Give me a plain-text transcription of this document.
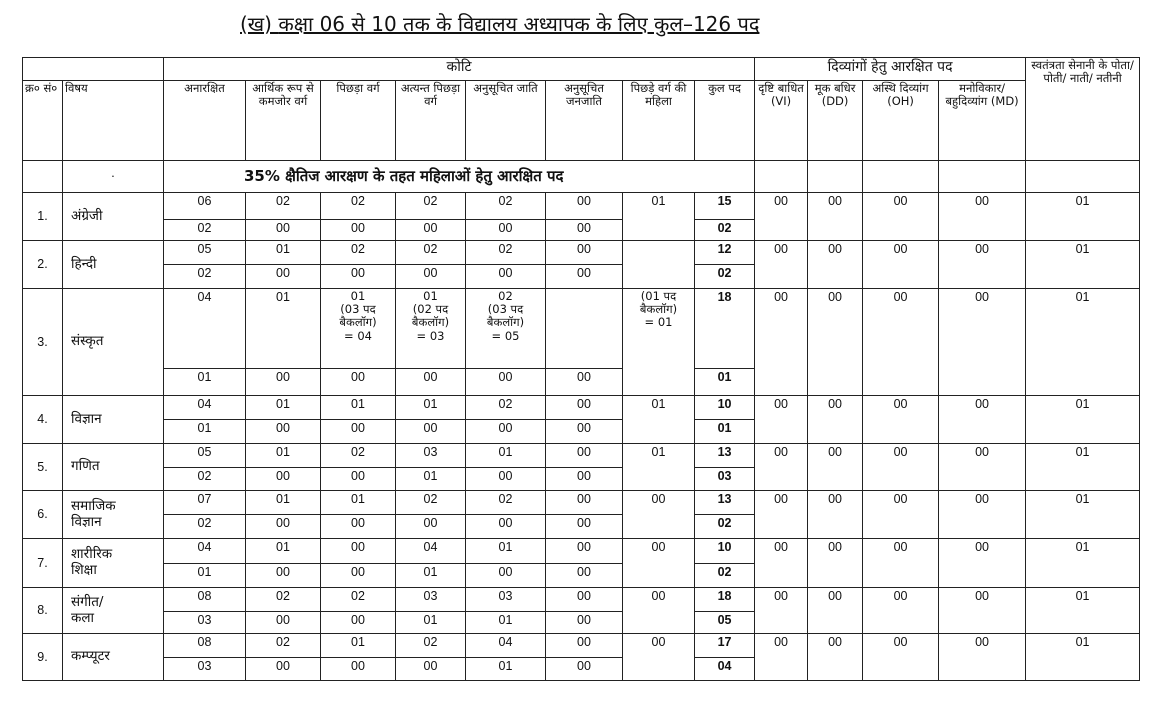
(ख) कक्षा 06 से 10 तक के विद्यालय अध्यापक के लिए कुल–126 पद
		कोटि								दिव्यांगों हेतु आरक्षित पद				स्वतंत्रता सेनानी के पोता/ पोती/ नाती/ नतीनी
क्र० सं०	विषय	अनारक्षित	आर्थिक रूप से कमजोर वर्ग	पिछड़ा वर्ग	अत्यन्त पिछड़ा वर्ग	अनुसूचित जाति	अनुसूचित जनजाति	पिछड़े वर्ग की महिला	कुल पद	दृष्टि बाधित (VI)	मूक बधिर (DD)	अस्थि दिव्यांग (OH)	मनोविकार/ बहुदिव्यांग (MD)	
	·	35% क्षैतिज आरक्षण के तहत महिलाओं हेतु आरक्षित पद												
1.	अंग्रेजी	06	02	02	02	02	00	01	15	00	00	00	00	01
		02	00	00	00	00	00		02					
2.	हिन्दी	05	01	02	02	02	00		12	00	00	00	00	01
		02	00	00	00	00	00		02					
3.	संस्कृत	04	01	01
(03 पद
बैकलॉग)
= 04	01
(02 पद
बैकलॉग)
= 03	02
(03 पद
बैकलॉग)
= 05		(01 पद
बैकलॉग)
= 01	18	00	00	00	00	01
		01	00	00	00	00	00		01					
4.	विज्ञान	04	01	01	01	02	00	01	10	00	00	00	00	01
		01	00	00	00	00	00		01					
5.	गणित	05	01	02	03	01	00	01	13	00	00	00	00	01
		02	00	00	01	00	00		03					
6.	समाजिक
विज्ञान	07	01	01	02	02	00	00	13	00	00	00	00	01
		02	00	00	00	00	00		02					
7.	शारीरिक
शिक्षा	04	01	00	04	01	00	00	10	00	00	00	00	01
		01	00	00	01	00	00		02					
8.	संगीत/
कला	08	02	02	03	03	00	00	18	00	00	00	00	01
		03	00	00	01	01	00		05					
9.	कम्प्यूटर	08	02	01	02	04	00	00	17	00	00	00	00	01
		03	00	00	00	01	00		04					
